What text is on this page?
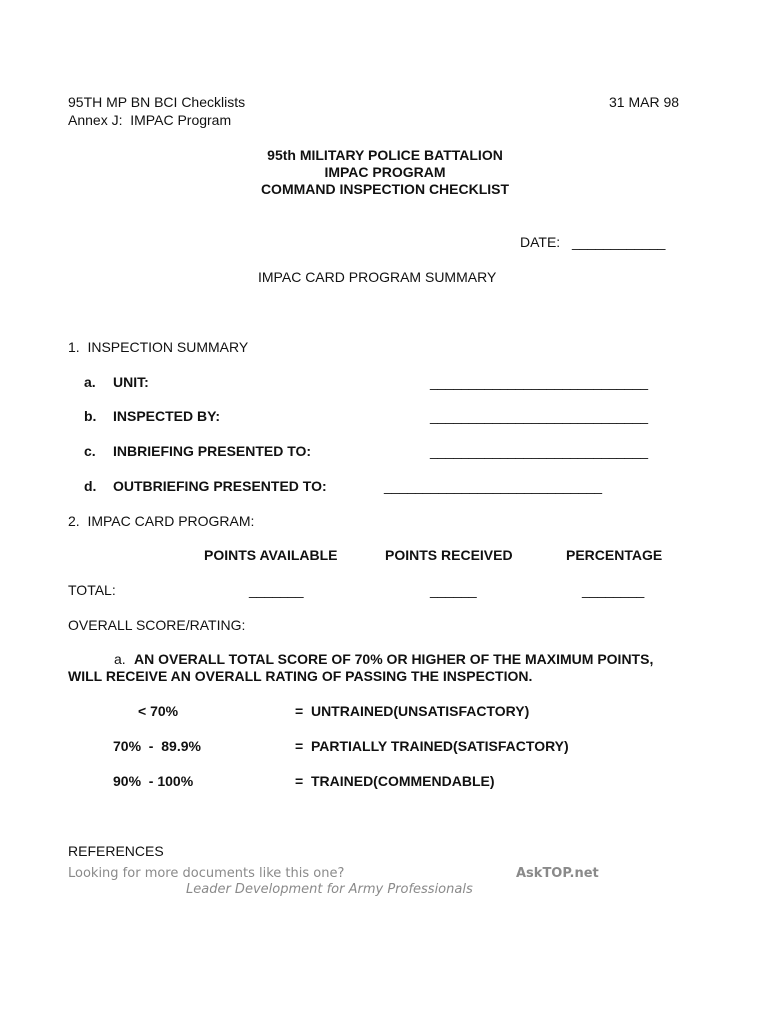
95TH MP BN BCI Checklists
Annex J:  IMPAC Program
31 MAR 98
95th MILITARY POLICE BATTALION
IMPAC PROGRAM
COMMAND INSPECTION CHECKLIST
DATE: ____________
IMPAC CARD PROGRAM SUMMARY
1.  INSPECTION SUMMARY
a. UNIT:	____________________________
b. INSPECTED BY:	____________________________
c. INBRIEFING PRESENTED TO:	____________________________
d. OUTBRIEFING PRESENTED TO:	____________________________
2.  IMPAC CARD PROGRAM:
POINTS AVAILABLE	POINTS RECEIVED	PERCENTAGE
TOTAL:	_______	______	________
OVERALL SCORE/RATING:
a. AN OVERALL TOTAL SCORE OF 70% OR HIGHER OF THE MAXIMUM POINTS,
WILL RECEIVE AN OVERALL RATING OF PASSING THE INSPECTION.
< 70%	=  UNTRAINED(UNSATISFACTORY)
70%  -  89.9%	=  PARTIALLY TRAINED(SATISFACTORY)
90%  - 100%	=  TRAINED(COMMENDABLE)
REFERENCES
Looking for more documents like this one?	AskTOP.net
Leader Development for Army Professionals
